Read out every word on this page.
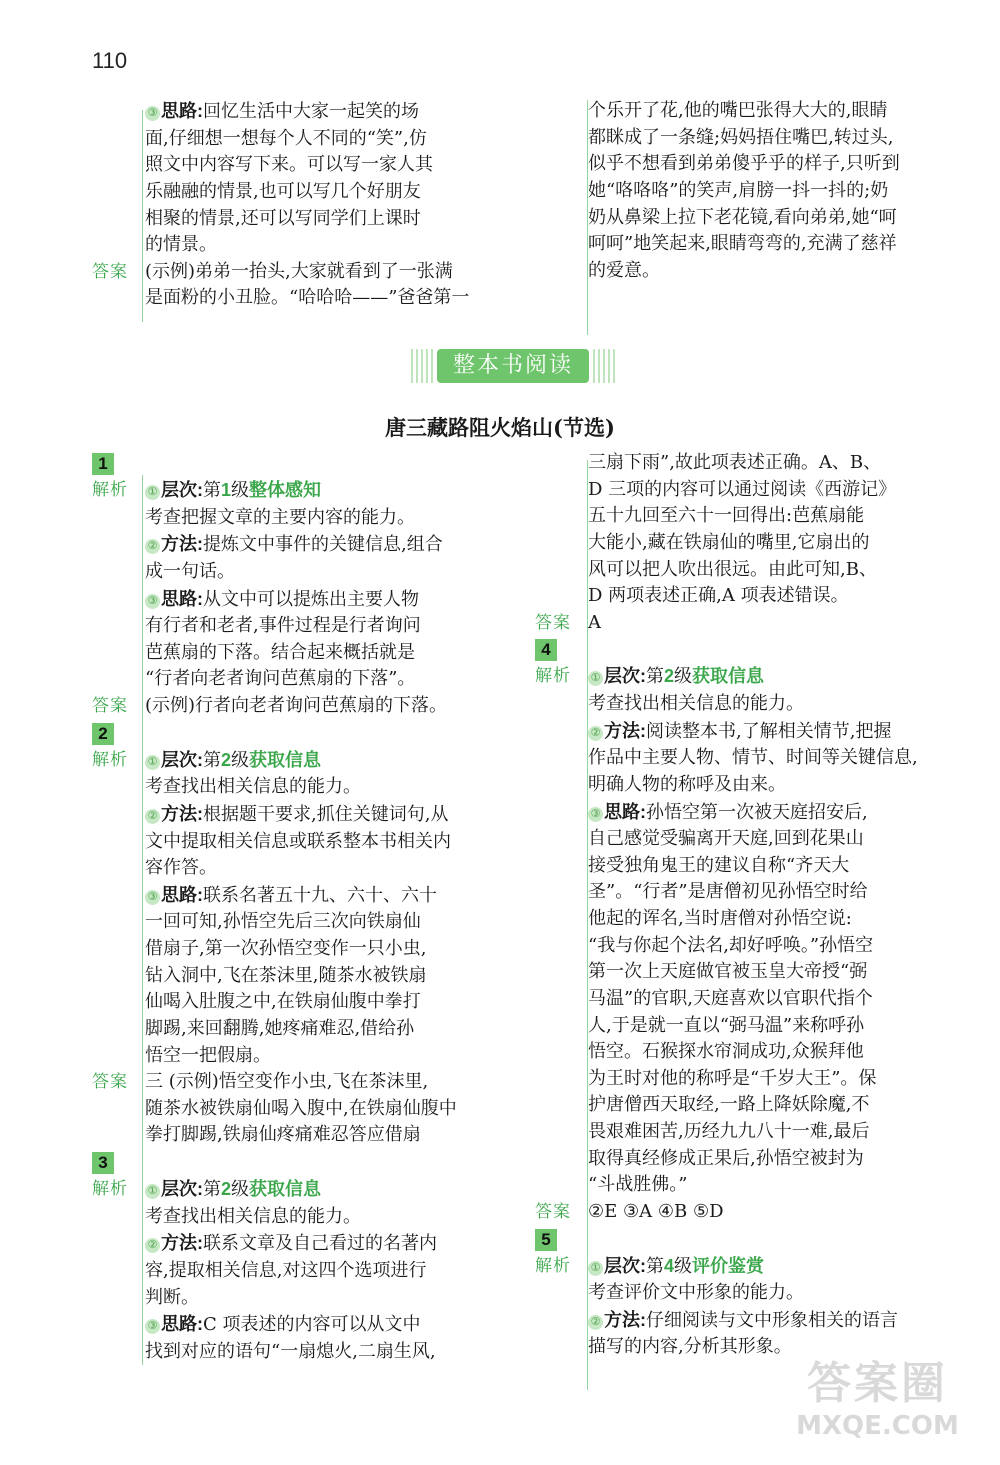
110
③ 思路:回忆生活中大家一起笑的场
面,仔细想一想每个人不同的“笑”,仿
照文中内容写下来。可以写一家人其
乐融融的情景,也可以写几个好朋友
相聚的情景,还可以写同学们上课时
的情景。
答案 (示例)弟弟一抬头,大家就看到了一张满
是面粉的小丑脸。“哈哈哈——”爸爸第一
个乐开了花,他的嘴巴张得大大的,眼睛
都眯成了一条缝;妈妈捂住嘴巴,转过头,
似乎不想看到弟弟傻乎乎的样子,只听到
她“咯咯咯”的笑声,肩膀一抖一抖的;奶
奶从鼻梁上拉下老花镜,看向弟弟,她“呵
呵呵”地笑起来,眼睛弯弯的,充满了慈祥
的爱意。
整本书阅读
唐三藏路阻火焰山(节选)
1
解析 ① 层次:第1级整体感知
考查把握文章的主要内容的能力。
② 方法:提炼文中事件的关键信息,组合
成一句话。
③ 思路:从文中可以提炼出主要人物
有行者和老者,事件过程是行者询问
芭蕉扇的下落。结合起来概括就是
“行者向老者询问芭蕉扇的下落”。
答案 (示例)行者向老者询问芭蕉扇的下落。
2
解析 ① 层次:第2级获取信息
考查找出相关信息的能力。
② 方法:根据题干要求,抓住关键词句,从
文中提取相关信息或联系整本书相关内
容作答。
③ 思路:联系名著五十九、六十、六十
一回可知,孙悟空先后三次向铁扇仙
借扇子,第一次孙悟空变作一只小虫,
钻入洞中,飞在茶沫里,随茶水被铁扇
仙喝入肚腹之中,在铁扇仙腹中拳打
脚踢,来回翻腾,她疼痛难忍,借给孙
悟空一把假扇。
答案 三 (示例)悟空变作小虫,飞在茶沫里,
随茶水被铁扇仙喝入腹中,在铁扇仙腹中
拳打脚踢,铁扇仙疼痛难忍答应借扇
3
解析 ① 层次:第2级获取信息
考查找出相关信息的能力。
② 方法:联系文章及自己看过的名著内
容,提取相关信息,对这四个选项进行
判断。
③ 思路:C 项表述的内容可以从文中
找到对应的语句“一扇熄火,二扇生风,
三扇下雨”,故此项表述正确。A、B、
D 三项的内容可以通过阅读《西游记》
五十九回至六十一回得出:芭蕉扇能
大能小,藏在铁扇仙的嘴里,它扇出的
风可以把人吹出很远。由此可知,B、
D 两项表述正确,A 项表述错误。
答案 A
4
解析 ① 层次:第2级获取信息
考查找出相关信息的能力。
② 方法:阅读整本书,了解相关情节,把握
作品中主要人物、情节、时间等关键信息,
明确人物的称呼及由来。
③ 思路:孙悟空第一次被天庭招安后,
自己感觉受骗离开天庭,回到花果山
接受独角鬼王的建议自称“齐天大
圣”。“行者”是唐僧初见孙悟空时给
他起的诨名,当时唐僧对孙悟空说:
“我与你起个法名,却好呼唤。”孙悟空
第一次上天庭做官被玉皇大帝授“弼
马温”的官职,天庭喜欢以官职代指个
人,于是就一直以“弼马温”来称呼孙
悟空。石猴探水帘洞成功,众猴拜他
为王时对他的称呼是“千岁大王”。保
护唐僧西天取经,一路上降妖除魔,不
畏艰难困苦,历经九九八十一难,最后
取得真经修成正果后,孙悟空被封为
“斗战胜佛。”
答案 ②E ③A ④B ⑤D
5
解析 ① 层次:第4级评价鉴赏
考查评价文中形象的能力。
② 方法:仔细阅读与文中形象相关的语言
描写的内容,分析其形象。
答案圈
MXQE.COM
